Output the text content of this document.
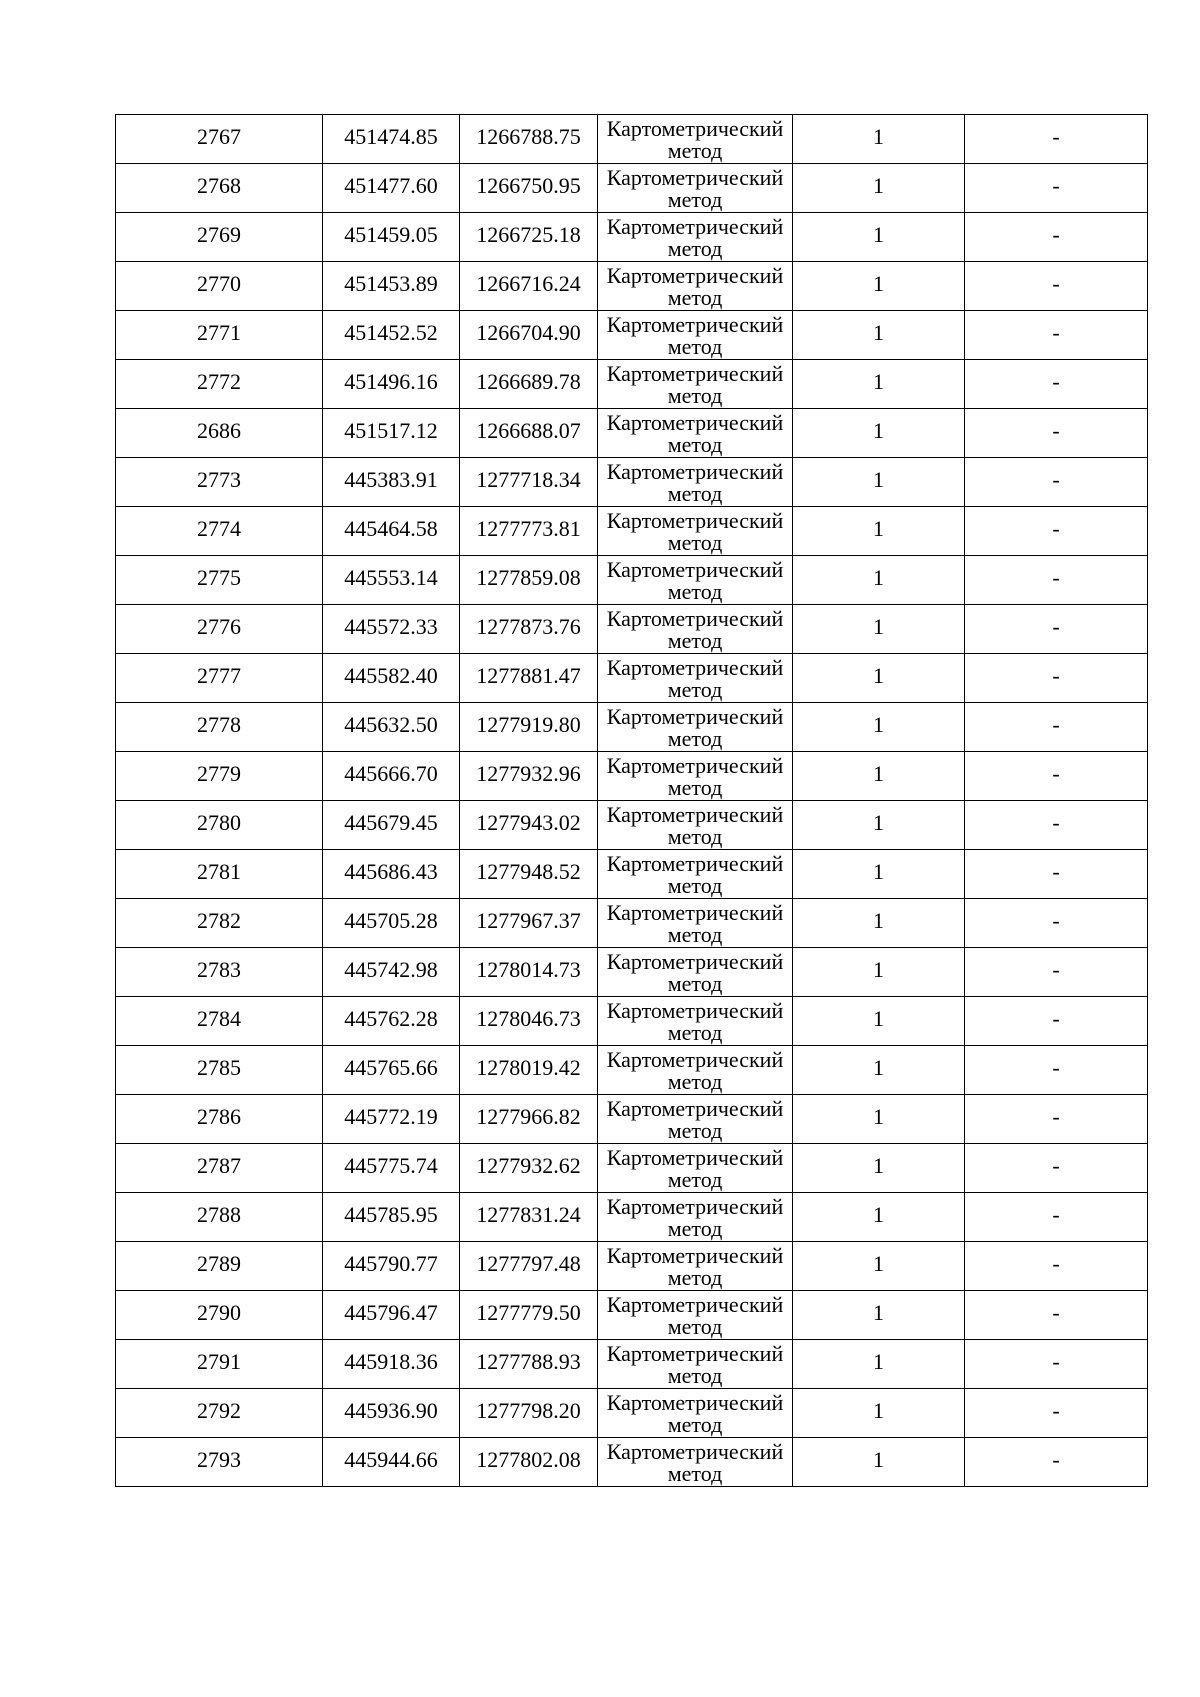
2767	451474.85	1266788.75	Картометрический метод	1	-

2768	451477.60	1266750.95	Картометрический метод	1	-

2769	451459.05	1266725.18	Картометрический метод	1	-

2770	451453.89	1266716.24	Картометрический метод	1	-

2771	451452.52	1266704.90	Картометрический метод	1	-

2772	451496.16	1266689.78	Картометрический метод	1	-

2686	451517.12	1266688.07	Картометрический метод	1	-

2773	445383.91	1277718.34	Картометрический метод	1	-

2774	445464.58	1277773.81	Картометрический метод	1	-

2775	445553.14	1277859.08	Картометрический метод	1	-

2776	445572.33	1277873.76	Картометрический метод	1	-

2777	445582.40	1277881.47	Картометрический метод	1	-

2778	445632.50	1277919.80	Картометрический метод	1	-

2779	445666.70	1277932.96	Картометрический метод	1	-

2780	445679.45	1277943.02	Картометрический метод	1	-

2781	445686.43	1277948.52	Картометрический метод	1	-

2782	445705.28	1277967.37	Картометрический метод	1	-

2783	445742.98	1278014.73	Картометрический метод	1	-

2784	445762.28	1278046.73	Картометрический метод	1	-

2785	445765.66	1278019.42	Картометрический метод	1	-

2786	445772.19	1277966.82	Картометрический метод	1	-

2787	445775.74	1277932.62	Картометрический метод	1	-

2788	445785.95	1277831.24	Картометрический метод	1	-

2789	445790.77	1277797.48	Картометрический метод	1	-

2790	445796.47	1277779.50	Картометрический метод	1	-

2791	445918.36	1277788.93	Картометрический метод	1	-

2792	445936.90	1277798.20	Картометрический метод	1	-

2793	445944.66	1277802.08	Картометрический метод	1	-
